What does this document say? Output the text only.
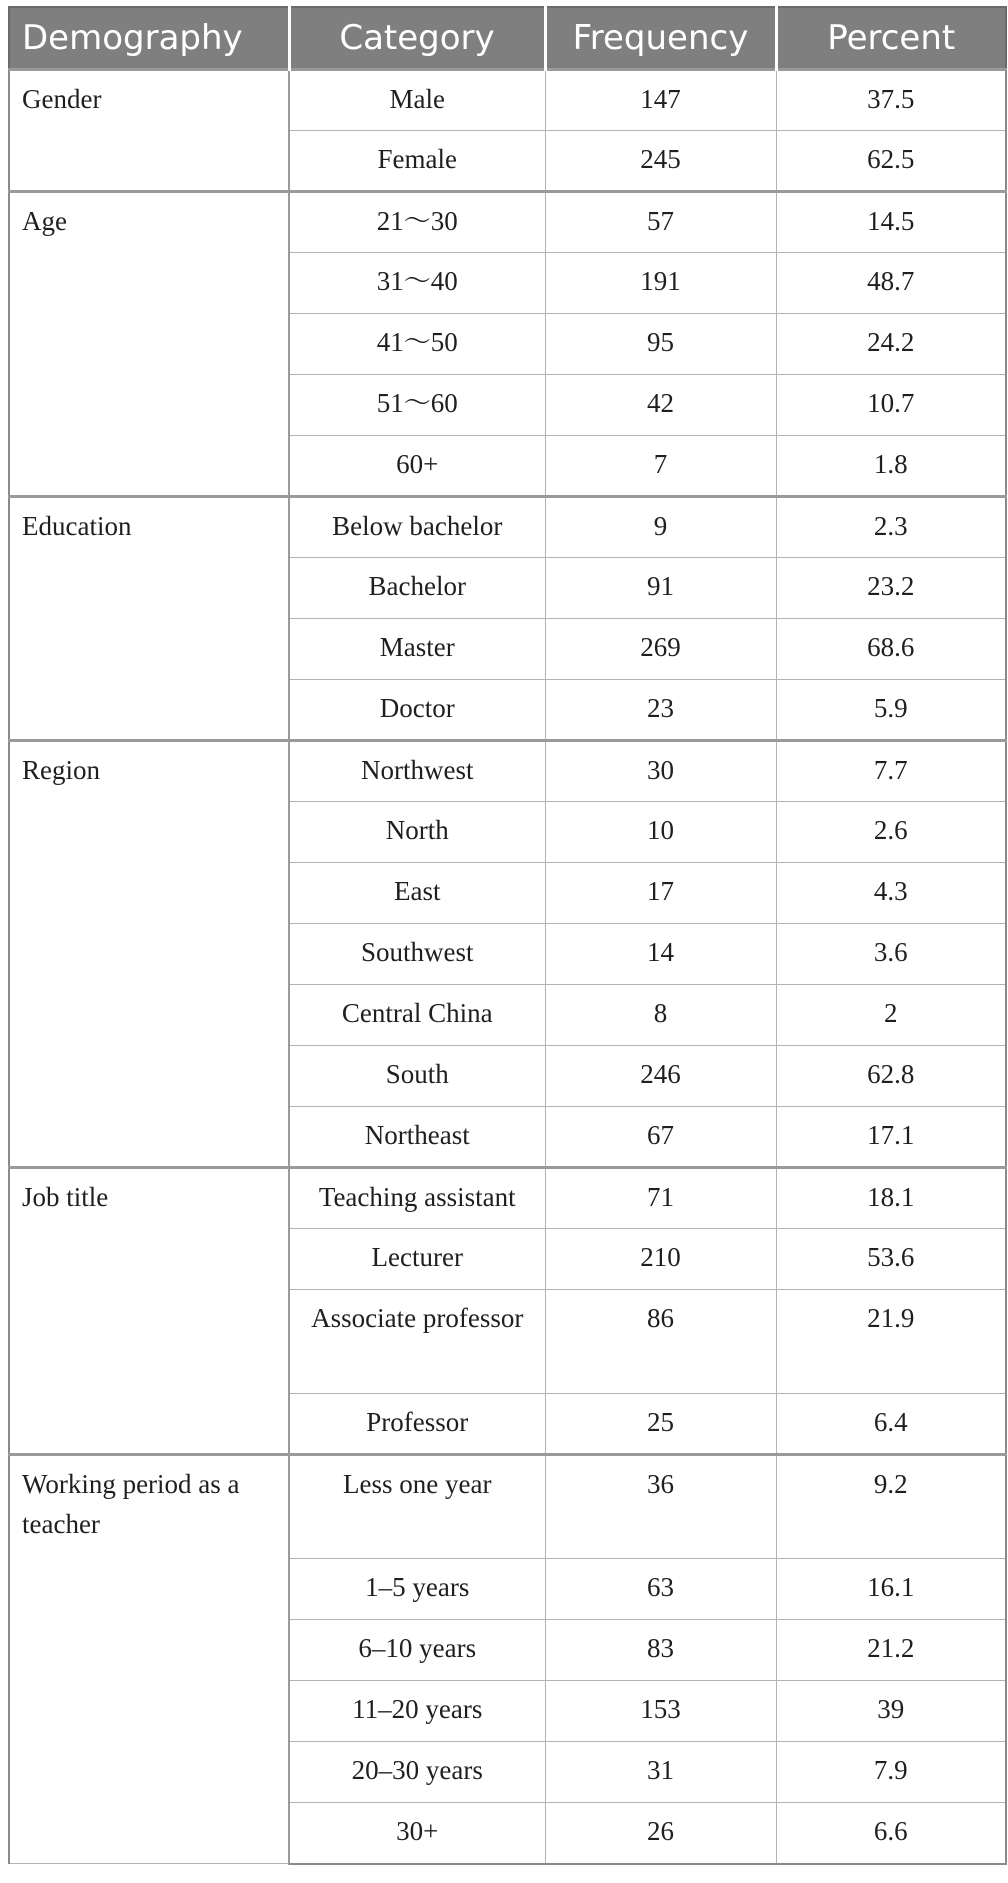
Demography	Category	Frequency	Percent
Gender	Male	147	37.5
	Female	245	62.5
Age	21～30	57	14.5
	31～40	191	48.7
	41～50	95	24.2
	51～60	42	10.7
	60+	7	1.8
Education	Below bachelor	9	2.3
	Bachelor	91	23.2
	Master	269	68.6
	Doctor	23	5.9
Region	Northwest	30	7.7
	North	10	2.6
	East	17	4.3
	Southwest	14	3.6
	Central China	8	2
	South	246	62.8
	Northeast	67	17.1
Job title	Teaching assistant	71	18.1
	Lecturer	210	53.6
	Associate professor	86	21.9
	Professor	25	6.4
Working period as a teacher	Less one year	36	9.2
	1–5 years	63	16.1
	6–10 years	83	21.2
	11–20 years	153	39
	20–30 years	31	7.9
	30+	26	6.6
